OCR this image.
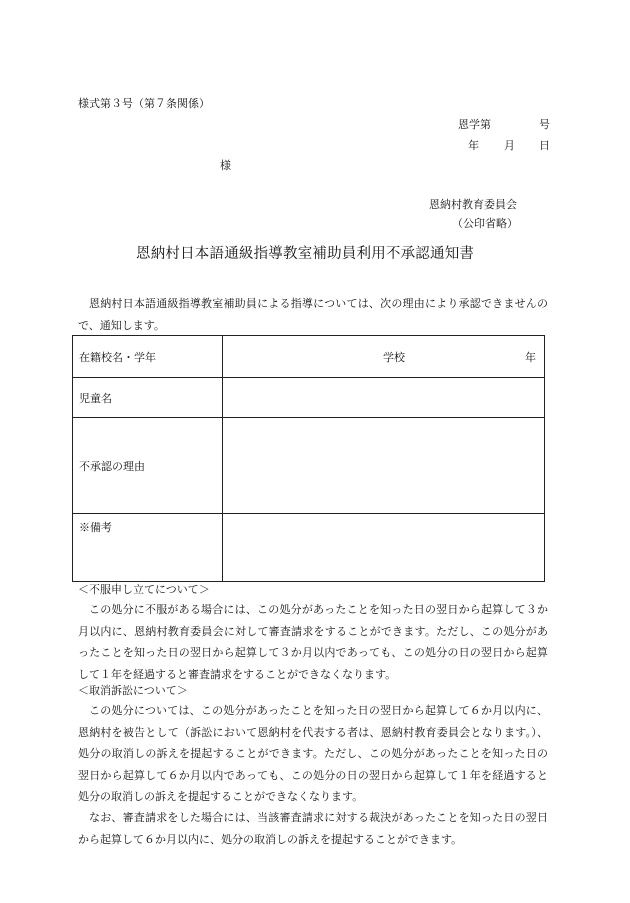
様式第３号（第７条関係）
恩学第	号
年 月 日
様
恩納村教育委員会
（公印省略）
恩納村日本語通級指導教室補助員利用不承認通知書
恩納村日本語通級指導教室補助員による指導については、次の理由により承認できませんので、通知します。
在籍校名・学年	学校 年

児童名	
不承認の理由	
※備考	
＜不服申し立てについて＞
この処分に不服がある場合には、この処分があったことを知った日の翌日から起算して３か月以内に、恩納村教育委員会に対して審査請求をすることができます。ただし、この処分があったことを知った日の翌日から起算して３か月以内であっても、この処分の日の翌日から起算して１年を経過すると審査請求をすることができなくなります。
＜取消訴訟について＞
この処分については、この処分があったことを知った日の翌日から起算して６か月以内に、恩納村を被告として（訴訟において恩納村を代表する者は、恩納村教育委員会となります。）、処分の取消しの訴えを提起することができます。ただし、この処分があったことを知った日の翌日から起算して６か月以内であっても、この処分の日の翌日から起算して１年を経過すると処分の取消しの訴えを提起することができなくなります。
なお、審査請求をした場合には、当該審査請求に対する裁決があったことを知った日の翌日から起算して６か月以内に、処分の取消しの訴えを提起することができます。
